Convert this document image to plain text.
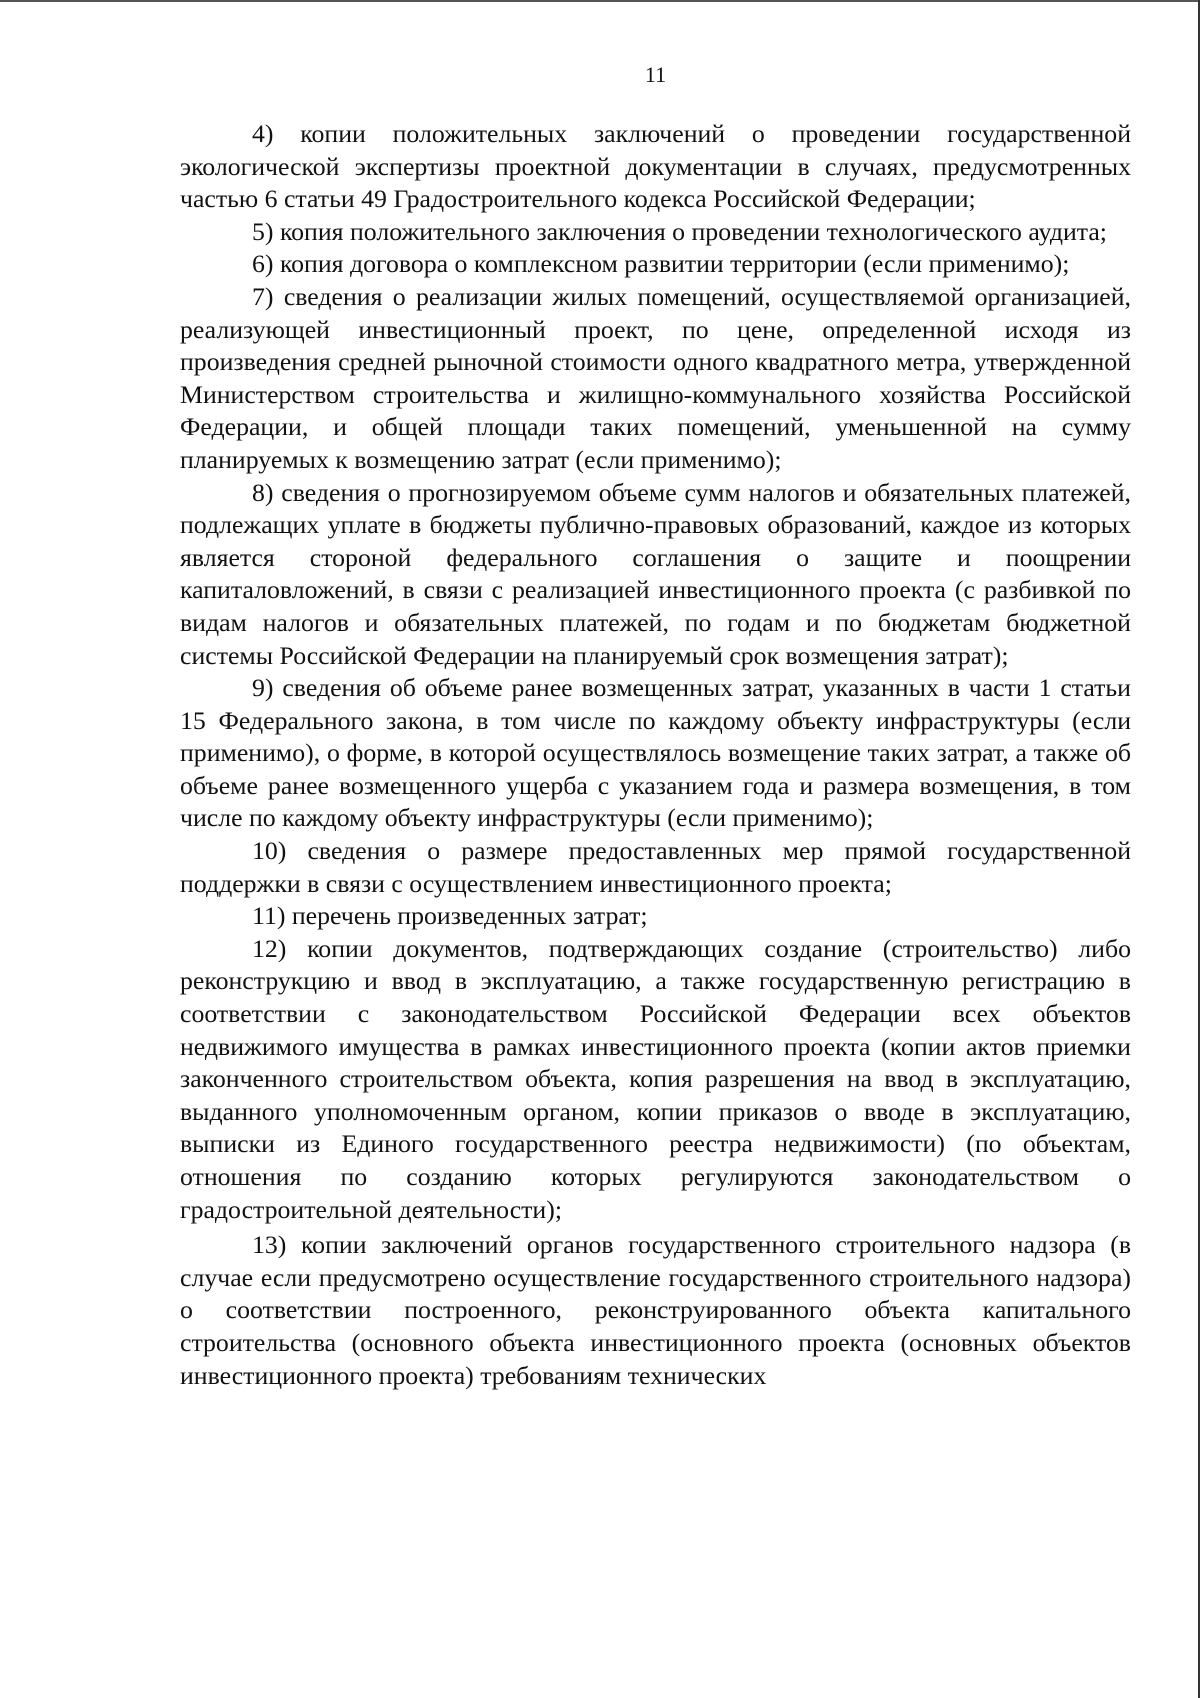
11

4) копии положительных заключений о проведении государственной экологической экспертизы проектной документации в случаях, предусмотренных частью 6 статьи 49 Градостроительного кодекса Российской Федерации;

5) копия положительного заключения о проведении технологического аудита;

6) копия договора о комплексном развитии территории (если применимо);

7) сведения о реализации жилых помещений, осуществляемой организацией, реализующей инвестиционный проект, по цене, определенной исходя из произведения средней рыночной стоимости одного квадратного метра, утвержденной Министерством строительства и жилищно-коммунального хозяйства Российской Федерации, и общей площади таких помещений, уменьшенной на сумму планируемых к возмещению затрат (если применимо);

8) сведения о прогнозируемом объеме сумм налогов и обязательных платежей, подлежащих уплате в бюджеты публично-правовых образований, каждое из которых является стороной федерального соглашения о защите и поощрении капиталовложений, в связи с реализацией инвестиционного проекта (с разбивкой по видам налогов и обязательных платежей, по годам и по бюджетам бюджетной системы Российской Федерации на планируемый срок возмещения затрат);

9) сведения об объеме ранее возмещенных затрат, указанных в части 1 статьи 15 Федерального закона, в том числе по каждому объекту инфраструктуры (если применимо), о форме, в которой осуществлялось возмещение таких затрат, а также об объеме ранее возмещенного ущерба с указанием года и размера возмещения, в том числе по каждому объекту инфраструктуры (если применимо);

10) сведения о размере предоставленных мер прямой государственной поддержки в связи с осуществлением инвестиционного проекта;

11) перечень произведенных затрат;

12) копии документов, подтверждающих создание (строительство) либо реконструкцию и ввод в эксплуатацию, а также государственную регистрацию в соответствии с законодательством Российской Федерации всех объектов недвижимого имущества в рамках инвестиционного проекта (копии актов приемки законченного строительством объекта, копия разрешения на ввод в эксплуатацию, выданного уполномоченным органом, копии приказов о вводе в эксплуатацию, выписки из Единого государственного реестра недвижимости) (по объектам, отношения по созданию которых регулируются законодательством о градостроительной деятельности);

13) копии заключений органов государственного строительного надзора (в случае если предусмотрено осуществление государственного строительного надзора) о соответствии построенного, реконструированного объекта капитального строительства (основного объекта инвестиционного проекта (основных объектов инвестиционного проекта) требованиям технических
